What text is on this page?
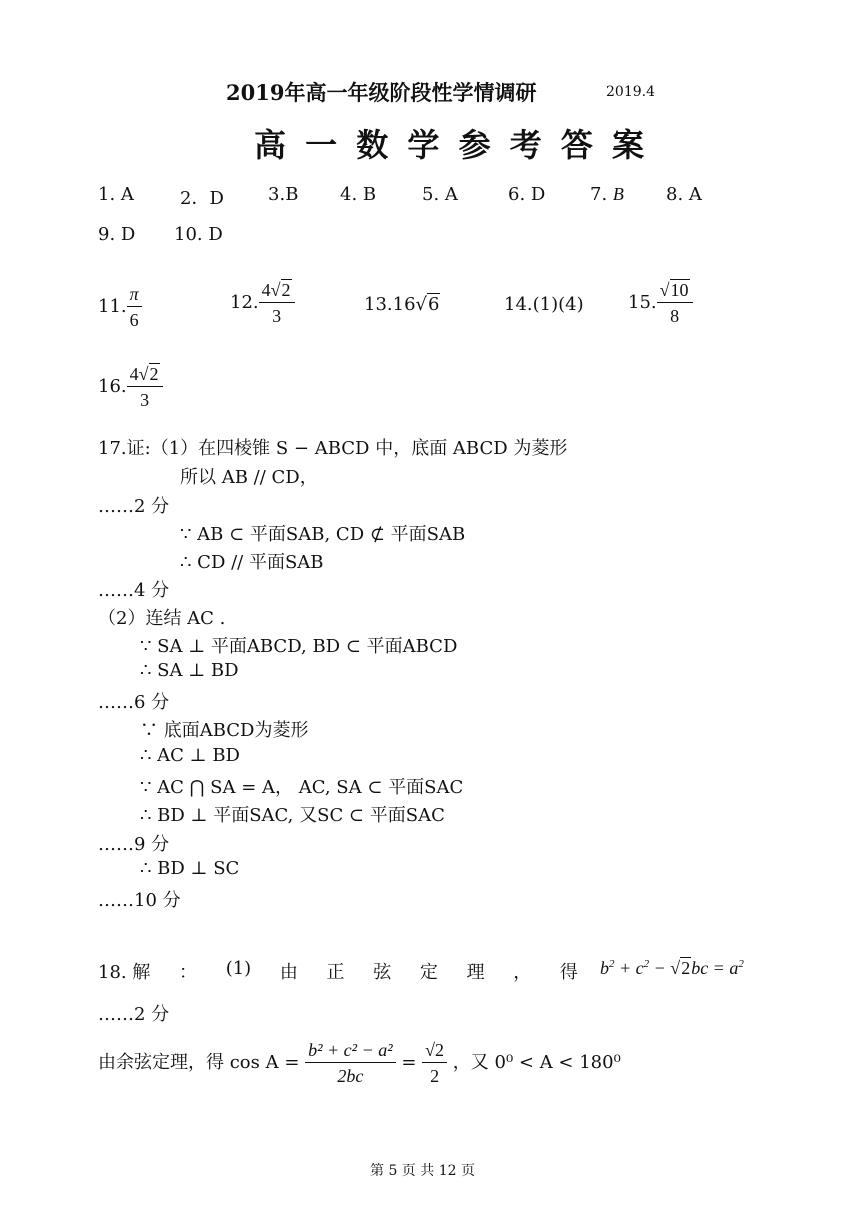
2019年高一年级阶段性学情调研	2019.4
高 一 数 学 参 考 答 案
1. A	2．D 3.B 4. B	5. A	6. D 7. B 8. A
9. D 10. D
11. $\frac{\pi}{6}$	12. $\frac{4√2}{3}$	13.16√6	14.(1)(4) 15. $\frac{√10}{8}$
16. $\frac{4√2}{3}$
17.证:（1）在四棱锥 S − ABCD 中，底面 ABCD 为菱形
所以 AB // CD，
……2 分
∵ AB ⊂ 平面SAB, CD ⊄ 平面SAB
∴ CD // 平面SAB
……4 分
（2）连结 AC .
∵ SA ⊥ 平面ABCD, BD ⊂ 平面ABCD
∴ SA ⊥ BD
……6 分
∵ 底面ABCD为菱形
∴ AC ⊥ BD
∵ AC ⋂ SA = A， AC, SA ⊂ 平面SAC
∴ BD ⊥ 平面SAC, 又SC ⊂ 平面SAC
……9 分
∴ BD ⊥ SC
……10 分
18. 解 ： (1) 由 正 弦 定 理 ， 得 $b^2 + c^2 - √2bc = a^2$
……2 分
由余弦定理，得 $\cos A = \frac{\text{b² + c² − a²}}{2bc} = \frac{√2}{2}$ ，又 0⁰ < A < 180⁰
第 5 页 共 12 页
